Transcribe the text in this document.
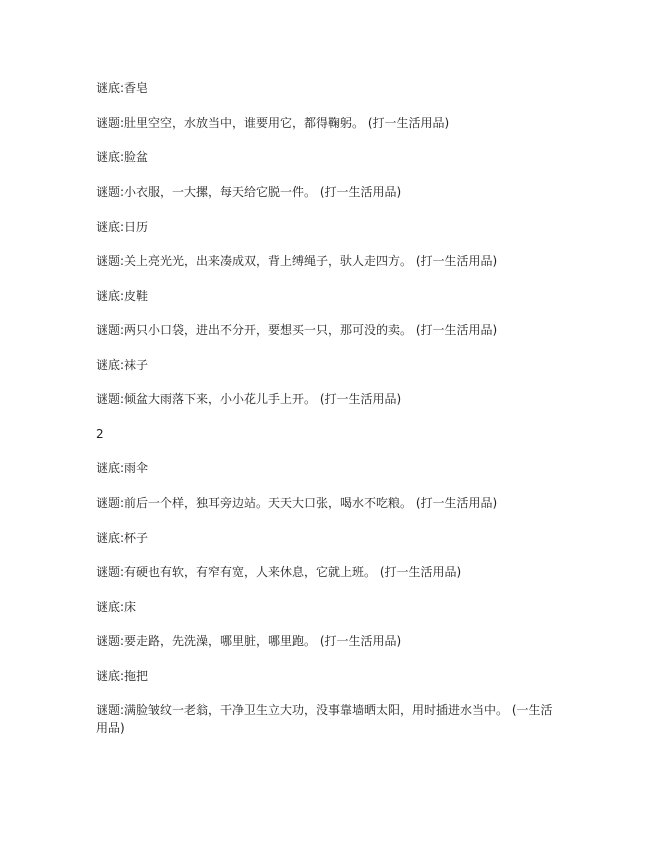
谜底:香皂
谜题:肚里空空，水放当中，谁要用它，都得鞠躬。 (打一生活用品)
谜底:脸盆
谜题:小衣服，一大摞，每天给它脱一件。 (打一生活用品)
谜底:日历
谜题:关上亮光光，出来凑成双，背上缚绳子，驮人走四方。 (打一生活用品)
谜底:皮鞋
谜题:两只小口袋，进出不分开，要想买一只，那可没的卖。 (打一生活用品)
谜底:袜子
谜题:倾盆大雨落下来，小小花儿手上开。 (打一生活用品)
2
谜底:雨伞
谜题:前后一个样，独耳旁边站。天天大口张，喝水不吃粮。 (打一生活用品)
谜底:杯子
谜题:有硬也有软，有窄有宽，人来休息，它就上班。 (打一生活用品)
谜底:床
谜题:要走路，先洗澡，哪里脏，哪里跑。 (打一生活用品)
谜底:拖把
谜题:满脸皱纹一老翁，干净卫生立大功，没事靠墙晒太阳，用时插进水当中。 (一生活用品)
